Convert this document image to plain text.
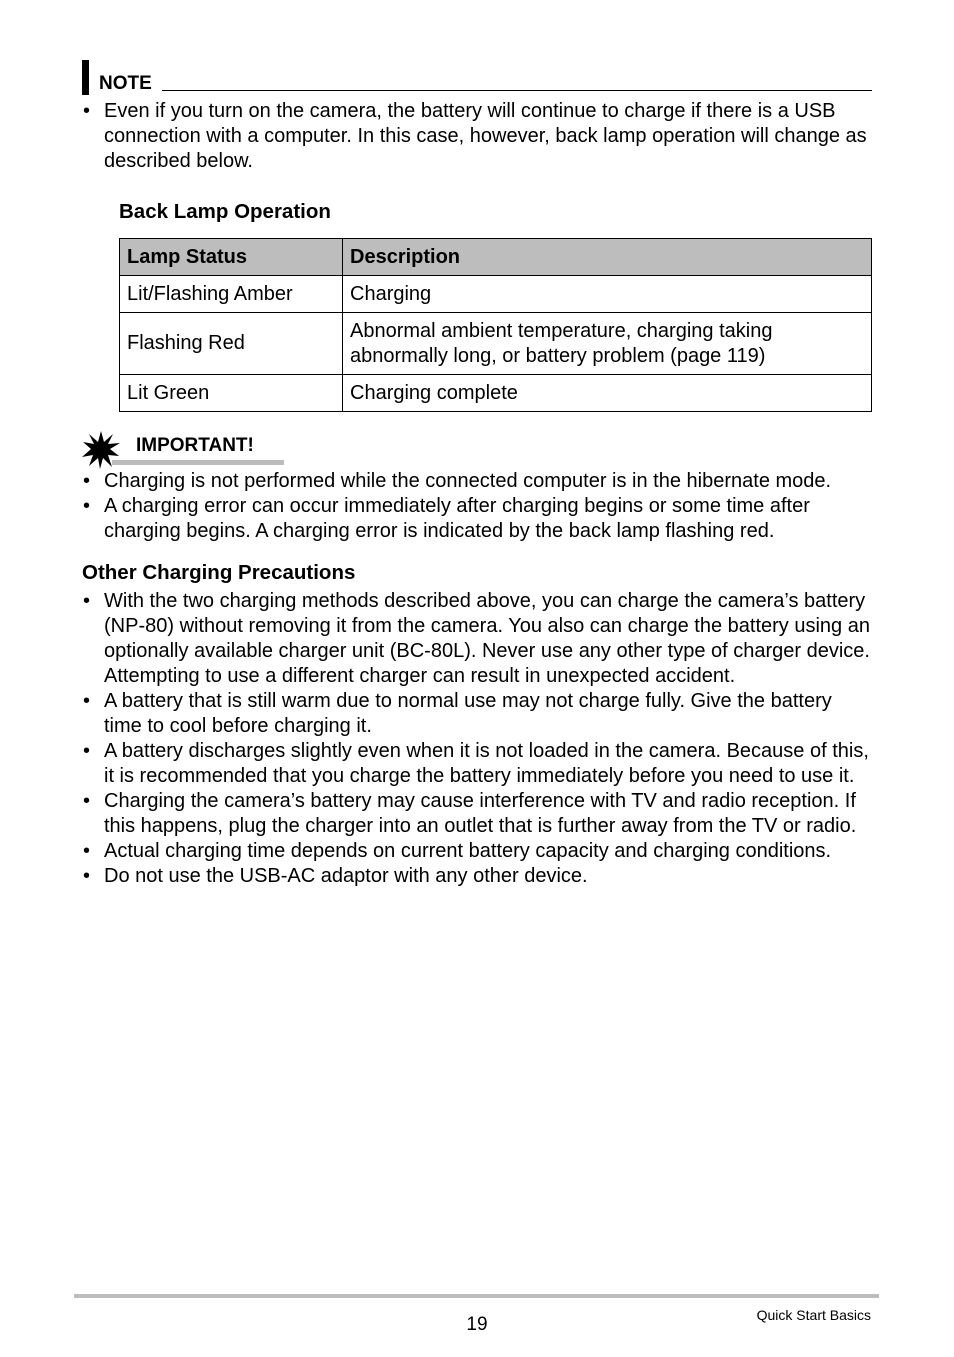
NOTE
• Even if you turn on the camera, the battery will continue to charge if there is a USB connection with a computer. In this case, however, back lamp operation will change as described below.
Back Lamp Operation
Lamp Status	Description
Lit/Flashing Amber	Charging
Flashing Red	Abnormal ambient temperature, charging taking abnormally long, or battery problem (page 119)
Lit Green	Charging complete
IMPORTANT!
• Charging is not performed while the connected computer is in the hibernate mode.
• A charging error can occur immediately after charging begins or some time after charging begins. A charging error is indicated by the back lamp flashing red.
Other Charging Precautions
• With the two charging methods described above, you can charge the camera’s battery (NP-80) without removing it from the camera. You also can charge the battery using an optionally available charger unit (BC-80L). Never use any other type of charger device. Attempting to use a different charger can result in unexpected accident.
• A battery that is still warm due to normal use may not charge fully. Give the battery time to cool before charging it.
• A battery discharges slightly even when it is not loaded in the camera. Because of this, it is recommended that you charge the battery immediately before you need to use it.
• Charging the camera’s battery may cause interference with TV and radio reception. If this happens, plug the charger into an outlet that is further away from the TV or radio.
• Actual charging time depends on current battery capacity and charging conditions.
• Do not use the USB-AC adaptor with any other device.
19	Quick Start Basics
